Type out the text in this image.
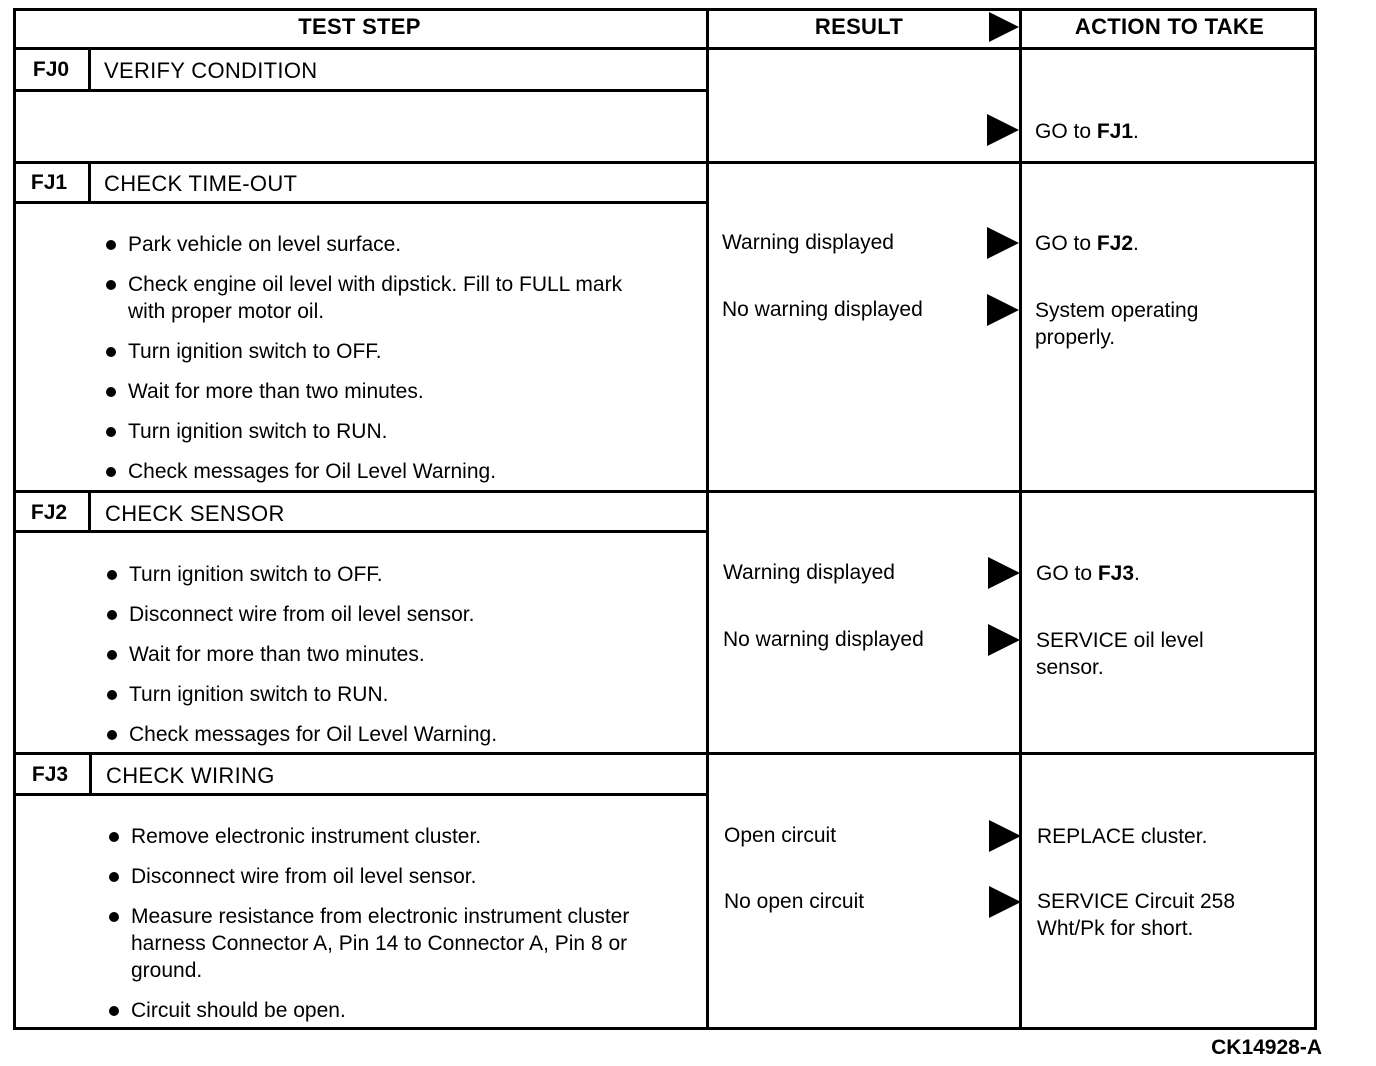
TEST STEP	RESULT	ACTION TO TAKE
FJ0	VERIFY CONDITION
GO to FJ1.
FJ1	CHECK TIME-OUT
Park vehicle on level surface.
Check engine oil level with dipstick. Fill to FULL mark with proper motor oil.
Turn ignition switch to OFF.
Wait for more than two minutes.
Turn ignition switch to RUN.
Check messages for Oil Level Warning.
Warning displayed	GO to FJ2.
No warning displayed	System operating properly.
FJ2	CHECK SENSOR
Turn ignition switch to OFF.
Disconnect wire from oil level sensor.
Wait for more than two minutes.
Turn ignition switch to RUN.
Check messages for Oil Level Warning.
Warning displayed	GO to FJ3.
No warning displayed	SERVICE oil level sensor.
FJ3	CHECK WIRING
Remove electronic instrument cluster.
Disconnect wire from oil level sensor.
Measure resistance from electronic instrument cluster harness Connector A, Pin 14 to Connector A, Pin 8 or ground.
Circuit should be open.
Open circuit	REPLACE cluster.
No open circuit	SERVICE Circuit 258 Wht/Pk for short.
CK14928-A
